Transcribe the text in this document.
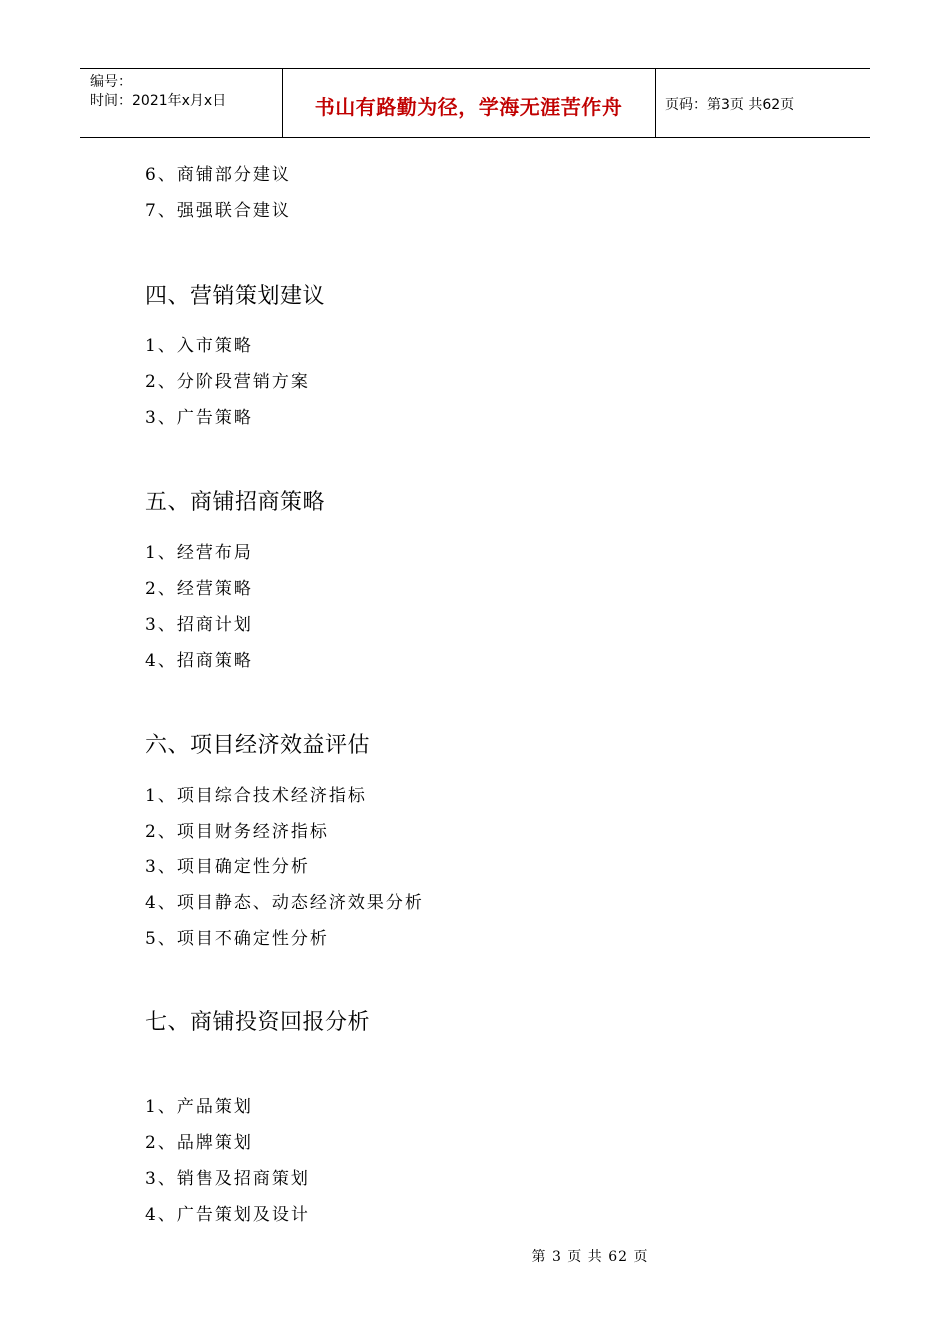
编号：
时间：2021年x月x日	书山有路勤为径，学海无涯苦作舟	页码：第3页 共62页
6、商铺部分建议
7、强强联合建议
四、营销策划建议
1、入市策略
2、分阶段营销方案
3、广告策略
五、商铺招商策略
1、经营布局
2、经营策略
3、招商计划
4、招商策略
六、项目经济效益评估
1、项目综合技术经济指标
2、项目财务经济指标
3、项目确定性分析
4、项目静态、动态经济效果分析
5、项目不确定性分析
七、商铺投资回报分析
1、产品策划
2、品牌策划
3、销售及招商策划
4、广告策划及设计
第 3 页 共 62 页
